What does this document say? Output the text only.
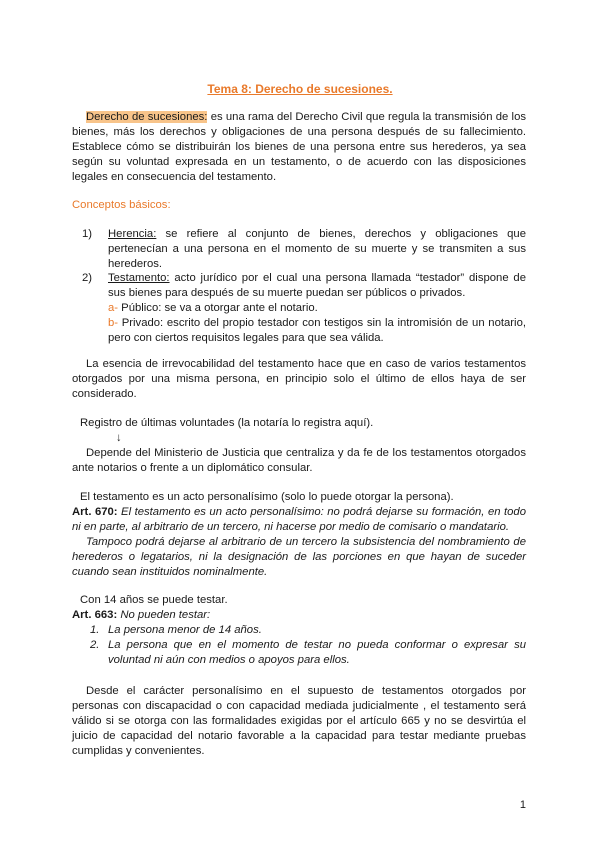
Tema 8: Derecho de sucesiones.

Derecho de sucesiones: es una rama del Derecho Civil que regula la transmisión de los bienes, más los derechos y obligaciones de una persona después de su fallecimiento. Establece cómo se distribuirán los bienes de una persona entre sus herederos, ya sea según su voluntad expresada en un testamento, o de acuerdo con las disposiciones legales en consecuencia del testamento.

Conceptos básicos:
1) Herencia: se refiere al conjunto de bienes, derechos y obligaciones que pertenecían a una persona en el momento de su muerte y se transmiten a sus herederos.
2) Testamento: acto jurídico por el cual una persona llamada “testador” dispone de sus bienes para después de su muerte puedan ser públicos o privados.
a- Público: se va a otorgar ante el notario.
b- Privado: escrito del propio testador con testigos sin la intromisión de un notario, pero con ciertos requisitos legales para que sea válida.

La esencia de irrevocabilidad del testamento hace que en caso de varios testamentos otorgados por una misma persona, en principio solo el último de ellos haya de ser considerado.

Registro de últimas voluntades (la notaría lo registra aquí).

↓

Depende del Ministerio de Justicia que centraliza y da fe de los testamentos otorgados ante notarios o frente a un diplomático consular.

El testamento es un acto personalísimo (solo lo puede otorgar la persona).

Art. 670: El testamento es un acto personalísimo: no podrá dejarse su formación, en todo ni en parte, al arbitrario de un tercero, ni hacerse por medio de comisario o mandatario.

Tampoco podrá dejarse al arbitrario de un tercero la subsistencia del nombramiento de herederos o legatarios, ni la designación de las porciones en que hayan de suceder cuando sean instituidos nominalmente.

Con 14 años se puede testar.

Art. 663: No pueden testar:

1. La persona menor de 14 años.
2. La persona que en el momento de testar no pueda conformar o expresar su voluntad ni aún con medios o apoyos para ellos.

Desde el carácter personalísimo en el supuesto de testamentos otorgados por personas con discapacidad o con capacidad mediada judicialmente , el testamento será válido si se otorga con las formalidades exigidas por el artículo 665 y no se desvirtúa el juicio de capacidad del notario favorable a la capacidad para testar mediante pruebas cumplidas y convenientes.

1
